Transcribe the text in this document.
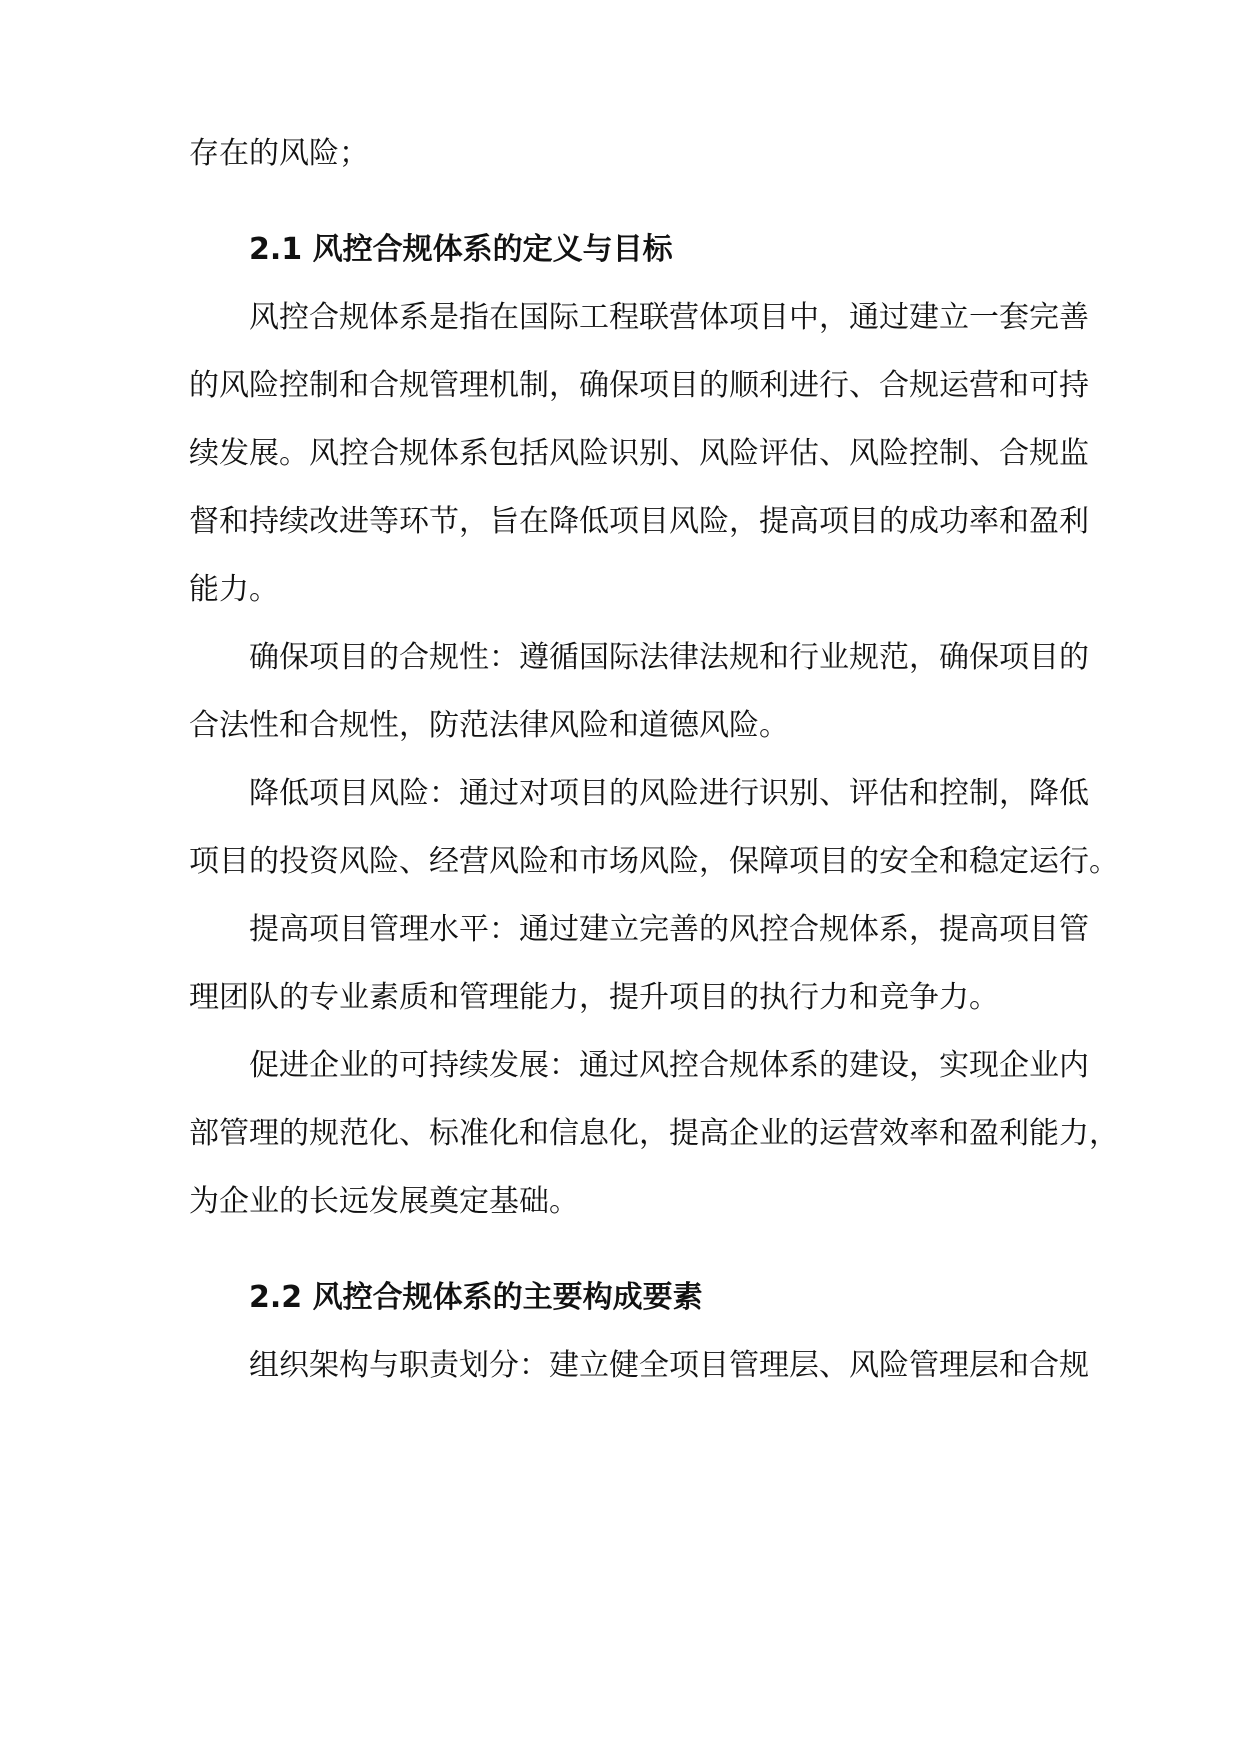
存在的风险；
2.1 风控合规体系的定义与目标
风控合规体系是指在国际工程联营体项目中，通过建立一套完善
的风险控制和合规管理机制，确保项目的顺利进行、合规运营和可持
续发展。风控合规体系包括风险识别、风险评估、风险控制、合规监
督和持续改进等环节，旨在降低项目风险，提高项目的成功率和盈利
能力。
确保项目的合规性：遵循国际法律法规和行业规范，确保项目的
合法性和合规性，防范法律风险和道德风险。
降低项目风险：通过对项目的风险进行识别、评估和控制，降低
项目的投资风险、经营风险和市场风险，保障项目的安全和稳定运行。
提高项目管理水平：通过建立完善的风控合规体系，提高项目管
理团队的专业素质和管理能力，提升项目的执行力和竞争力。
促进企业的可持续发展：通过风控合规体系的建设，实现企业内
部管理的规范化、标准化和信息化，提高企业的运营效率和盈利能力，
为企业的长远发展奠定基础。
2.2 风控合规体系的主要构成要素
组织架构与职责划分：建立健全项目管理层、风险管理层和合规
